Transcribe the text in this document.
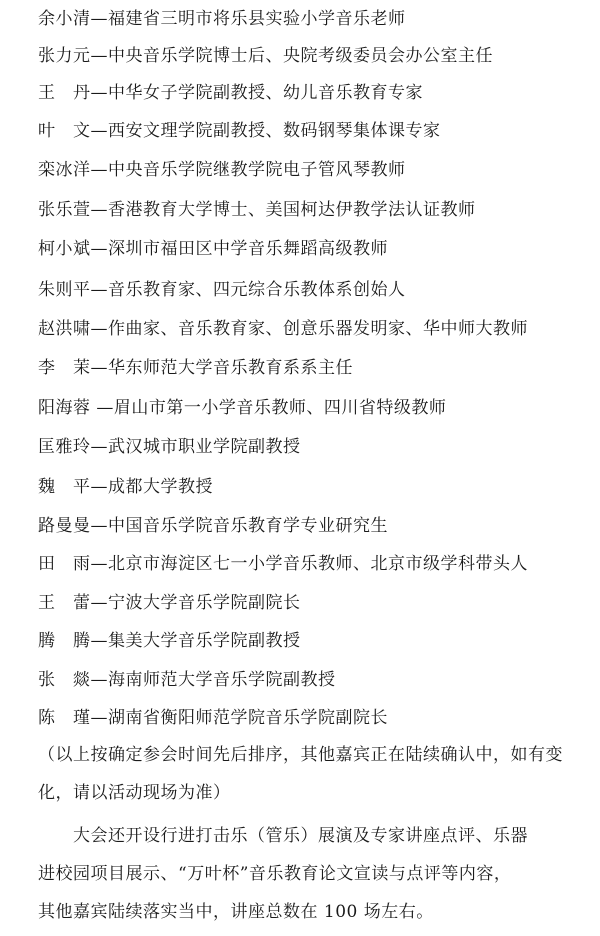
余小清—福建省三明市将乐县实验小学音乐老师
张力元—中央音乐学院博士后、央院考级委员会办公室主任
王　丹—中华女子学院副教授、幼儿音乐教育专家
叶　文—西安文理学院副教授、数码钢琴集体课专家
栾冰洋—中央音乐学院继教学院电子管风琴教师
张乐萱—香港教育大学博士、美国柯达伊教学法认证教师
柯小斌—深圳市福田区中学音乐舞蹈高级教师
朱则平—音乐教育家、四元综合乐教体系创始人
赵洪啸—作曲家、音乐教育家、创意乐器发明家、华中师大教师
李　茉—华东师范大学音乐教育系系主任
阳海蓉 —眉山市第一小学音乐教师、四川省特级教师
匡雅玲—武汉城市职业学院副教授
魏　平—成都大学教授
路曼曼—中国音乐学院音乐教育学专业研究生
田　雨—北京市海淀区七一小学音乐教师、北京市级学科带头人
王　蕾—宁波大学音乐学院副院长
腾　腾—集美大学音乐学院副教授
张　燚—海南师范大学音乐学院副教授
陈　瑾—湖南省衡阳师范学院音乐学院副院长
（以上按确定参会时间先后排序，其他嘉宾正在陆续确认中，如有变
化，请以活动现场为准）
　　大会还开设行进打击乐（管乐）展演及专家讲座点评、乐器
进校园项目展示、“万叶杯”音乐教育论文宣读与点评等内容，
其他嘉宾陆续落实当中，讲座总数在 100 场左右。
